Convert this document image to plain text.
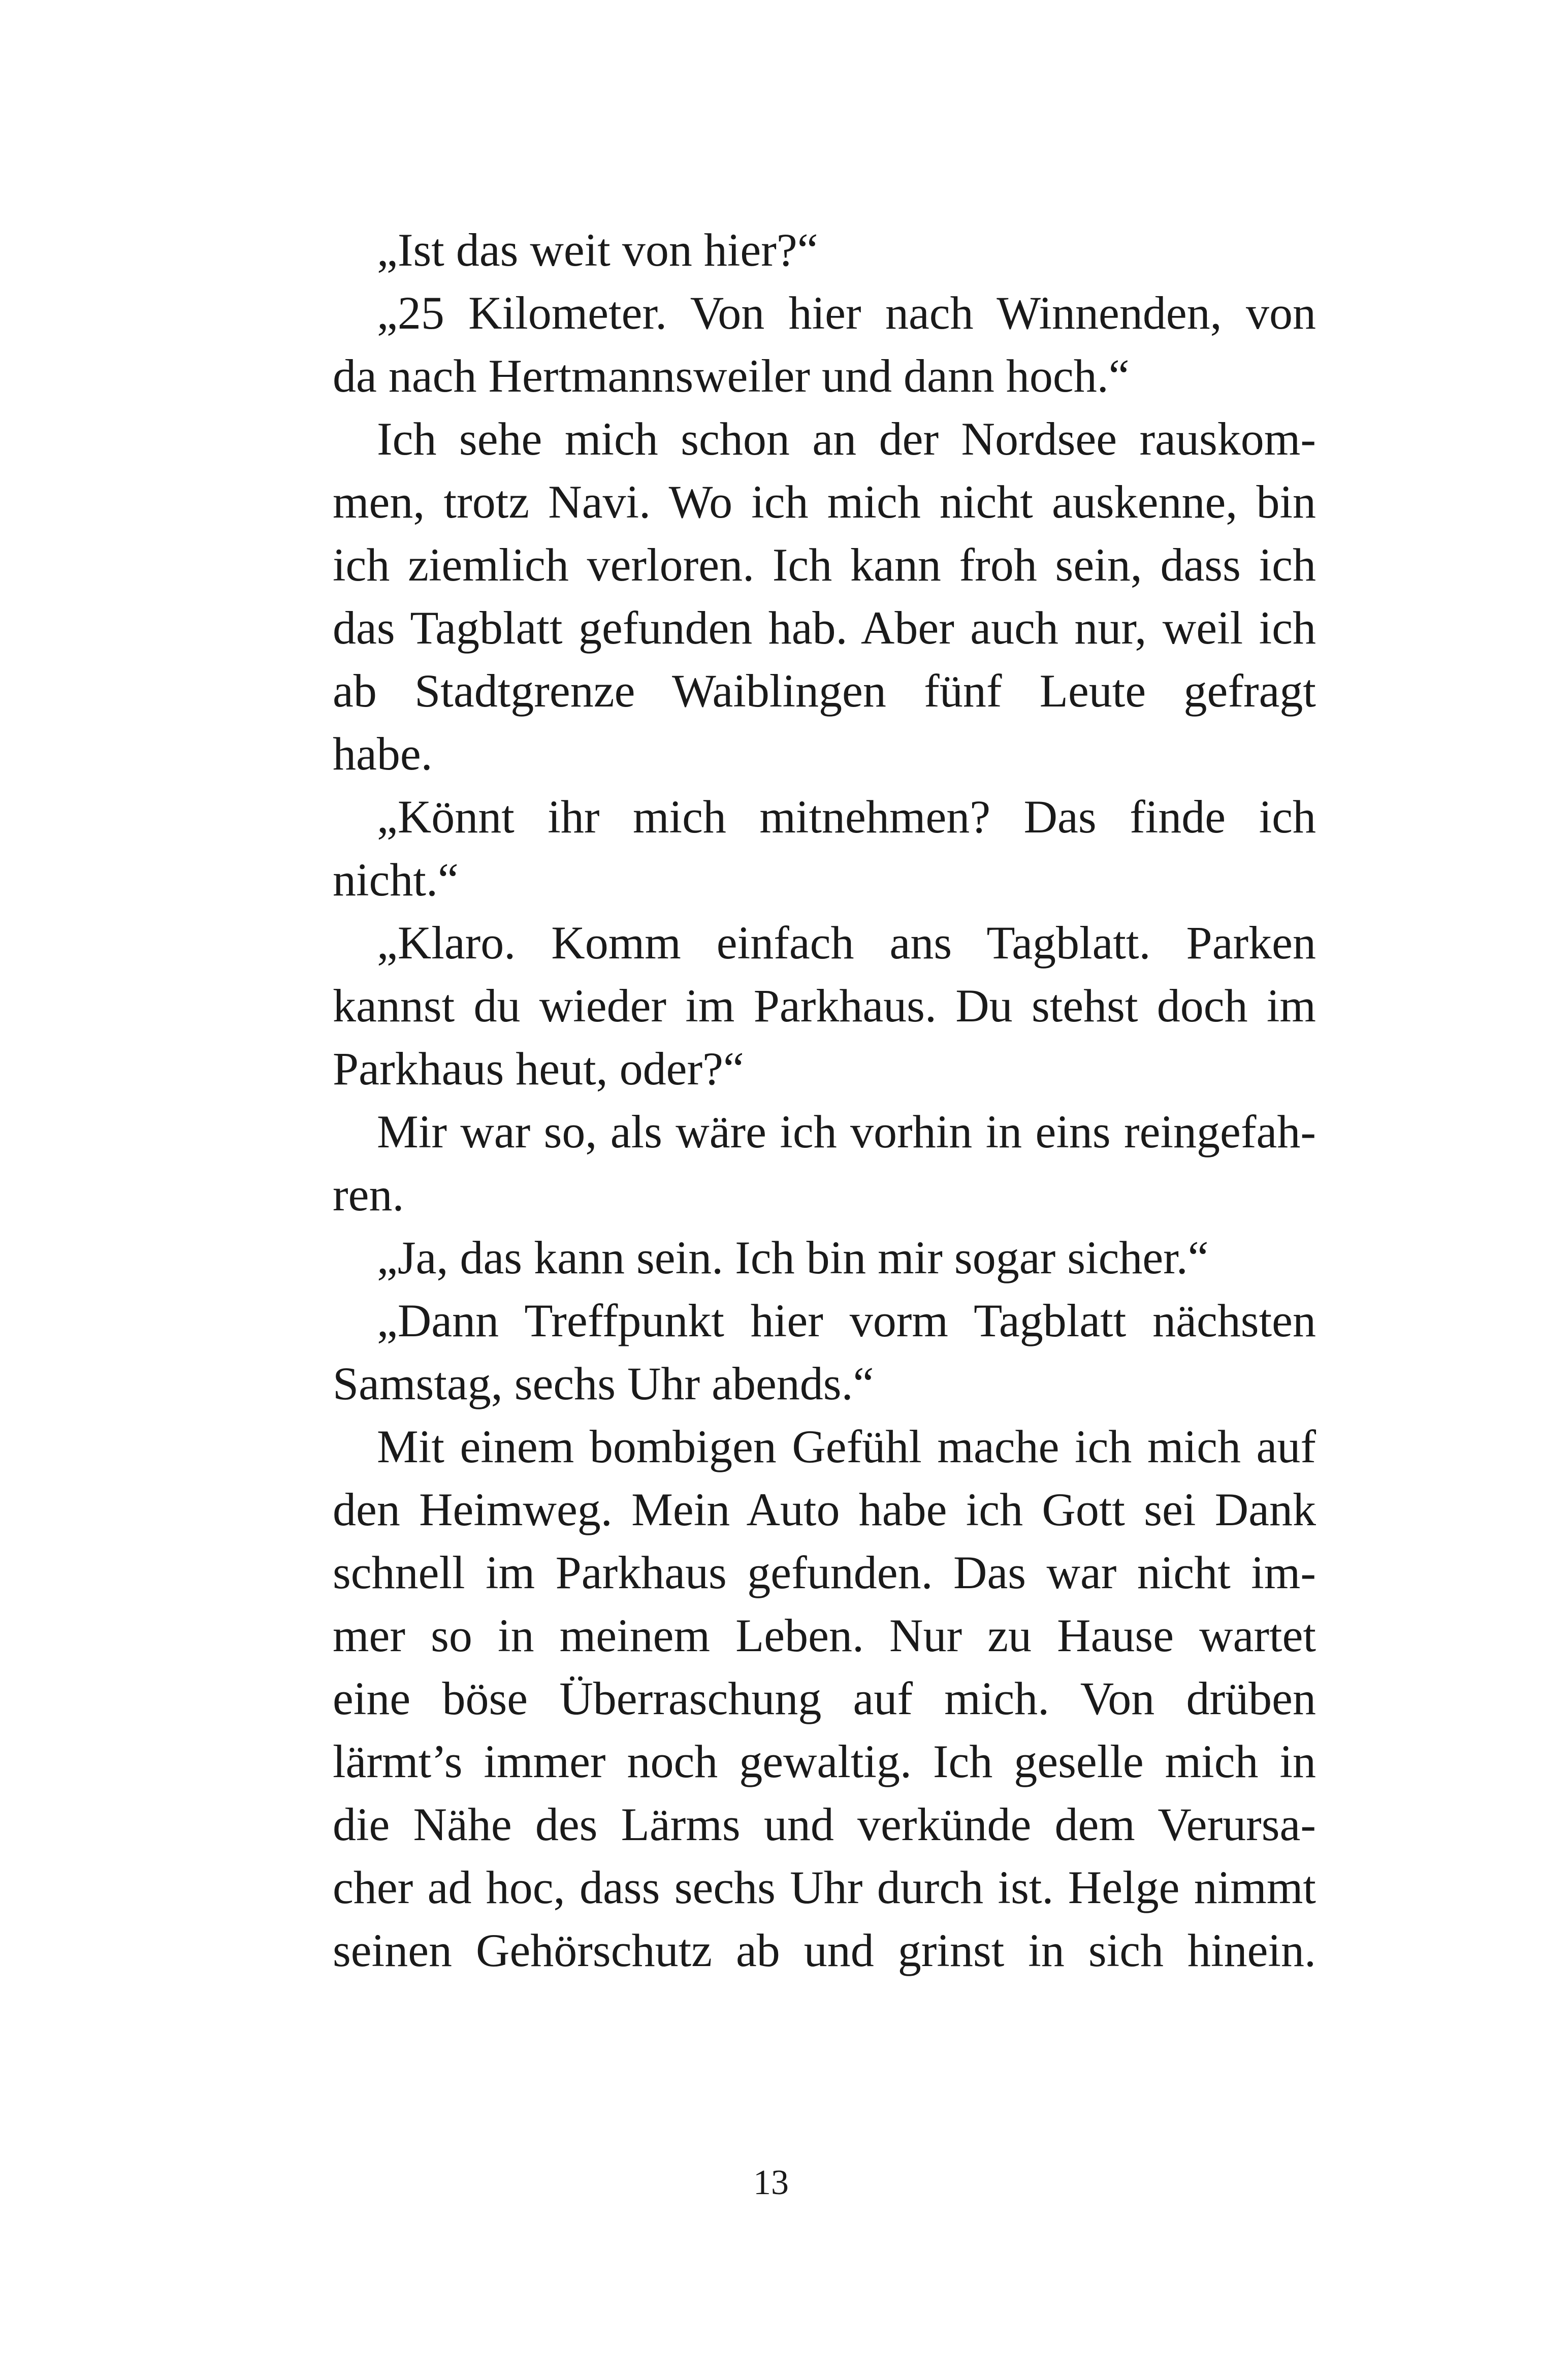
„Ist das weit von hier?“
„25 Kilometer. Von hier nach Winnenden, von
da nach Hertmannsweiler und dann hoch.“
Ich sehe mich schon an der Nordsee rauskom-
men, trotz Navi. Wo ich mich nicht auskenne, bin
ich ziemlich verloren. Ich kann froh sein, dass ich
das Tagblatt gefunden hab. Aber auch nur, weil ich
ab Stadtgrenze Waiblingen fünf Leute gefragt
habe.
„Könnt ihr mich mitnehmen? Das finde ich
nicht.“
„Klaro. Komm einfach ans Tagblatt. Parken
kannst du wieder im Parkhaus. Du stehst doch im
Parkhaus heut, oder?“
Mir war so, als wäre ich vorhin in eins reingefah-
ren.
„Ja, das kann sein. Ich bin mir sogar sicher.“
„Dann Treffpunkt hier vorm Tagblatt nächsten
Samstag, sechs Uhr abends.“
Mit einem bombigen Gefühl mache ich mich auf
den Heimweg. Mein Auto habe ich Gott sei Dank
schnell im Parkhaus gefunden. Das war nicht im-
mer so in meinem Leben. Nur zu Hause wartet
eine böse Überraschung auf mich. Von drüben
lärmt’s immer noch gewaltig. Ich geselle mich in
die Nähe des Lärms und verkünde dem Verursa-
cher ad hoc, dass sechs Uhr durch ist. Helge nimmt
seinen Gehörschutz ab und grinst in sich hinein.
13
